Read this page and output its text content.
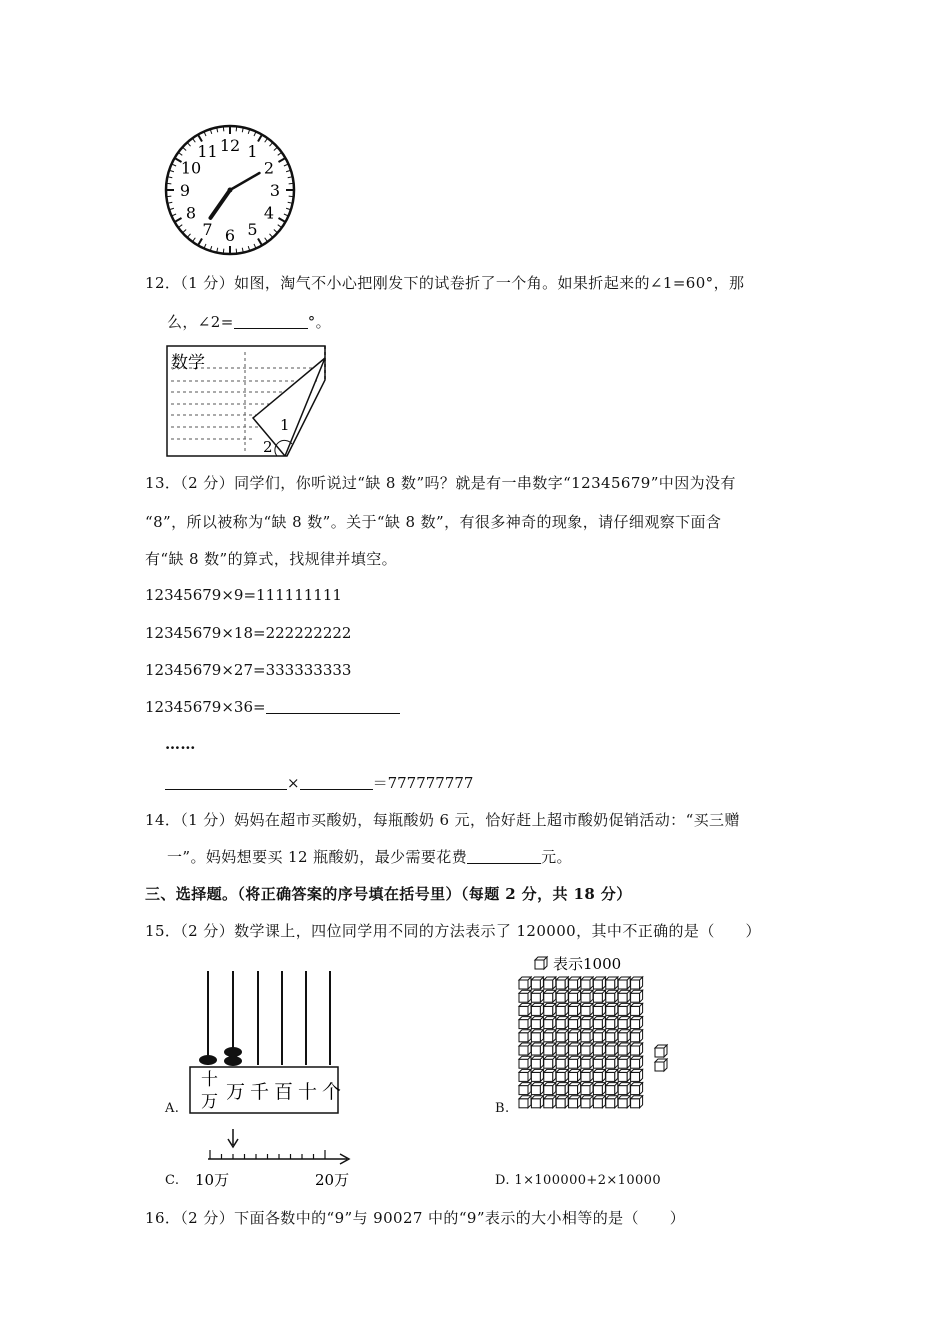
12 1
2
3
4
5
6
7
8
9
10
11
12．（1 分）如图，淘气不小心把刚发下的试卷折了一个角。如果折起来的∠1=60°，那
么，∠2=	°。
数学
1
2
13．（2 分）同学们，你听说过“缺 8 数”吗？就是有一串数字“12345679”中因为没有
“8”，所以被称为“缺 8 数”。关于“缺 8 数”，有很多神奇的现象，请仔细观察下面含
有“缺 8 数”的算式，找规律并填空。
12345679×9=111111111
12345679×18=222222222
12345679×27=333333333
12345679×36=
……
×	＝777777777
14．（1 分）妈妈在超市买酸奶，每瓶酸奶 6 元，恰好赶上超市酸奶促销活动：“买三赠
一”。妈妈想要买 12 瓶酸奶，最少需要花费	元。
三、选择题。（将正确答案的序号填在括号里）（每题 2 分，共 18 分）
15．（2 分）数学课上，四位同学用不同的方法表示了 120000，其中不正确的是（　　）
十
万 万 千 百 十 个
A.
表示1000
B.
10万	20万
C.	D. 1×100000+2×10000
16．（2 分）下面各数中的“9”与 90027 中的“9”表示的大小相等的是（　　）
